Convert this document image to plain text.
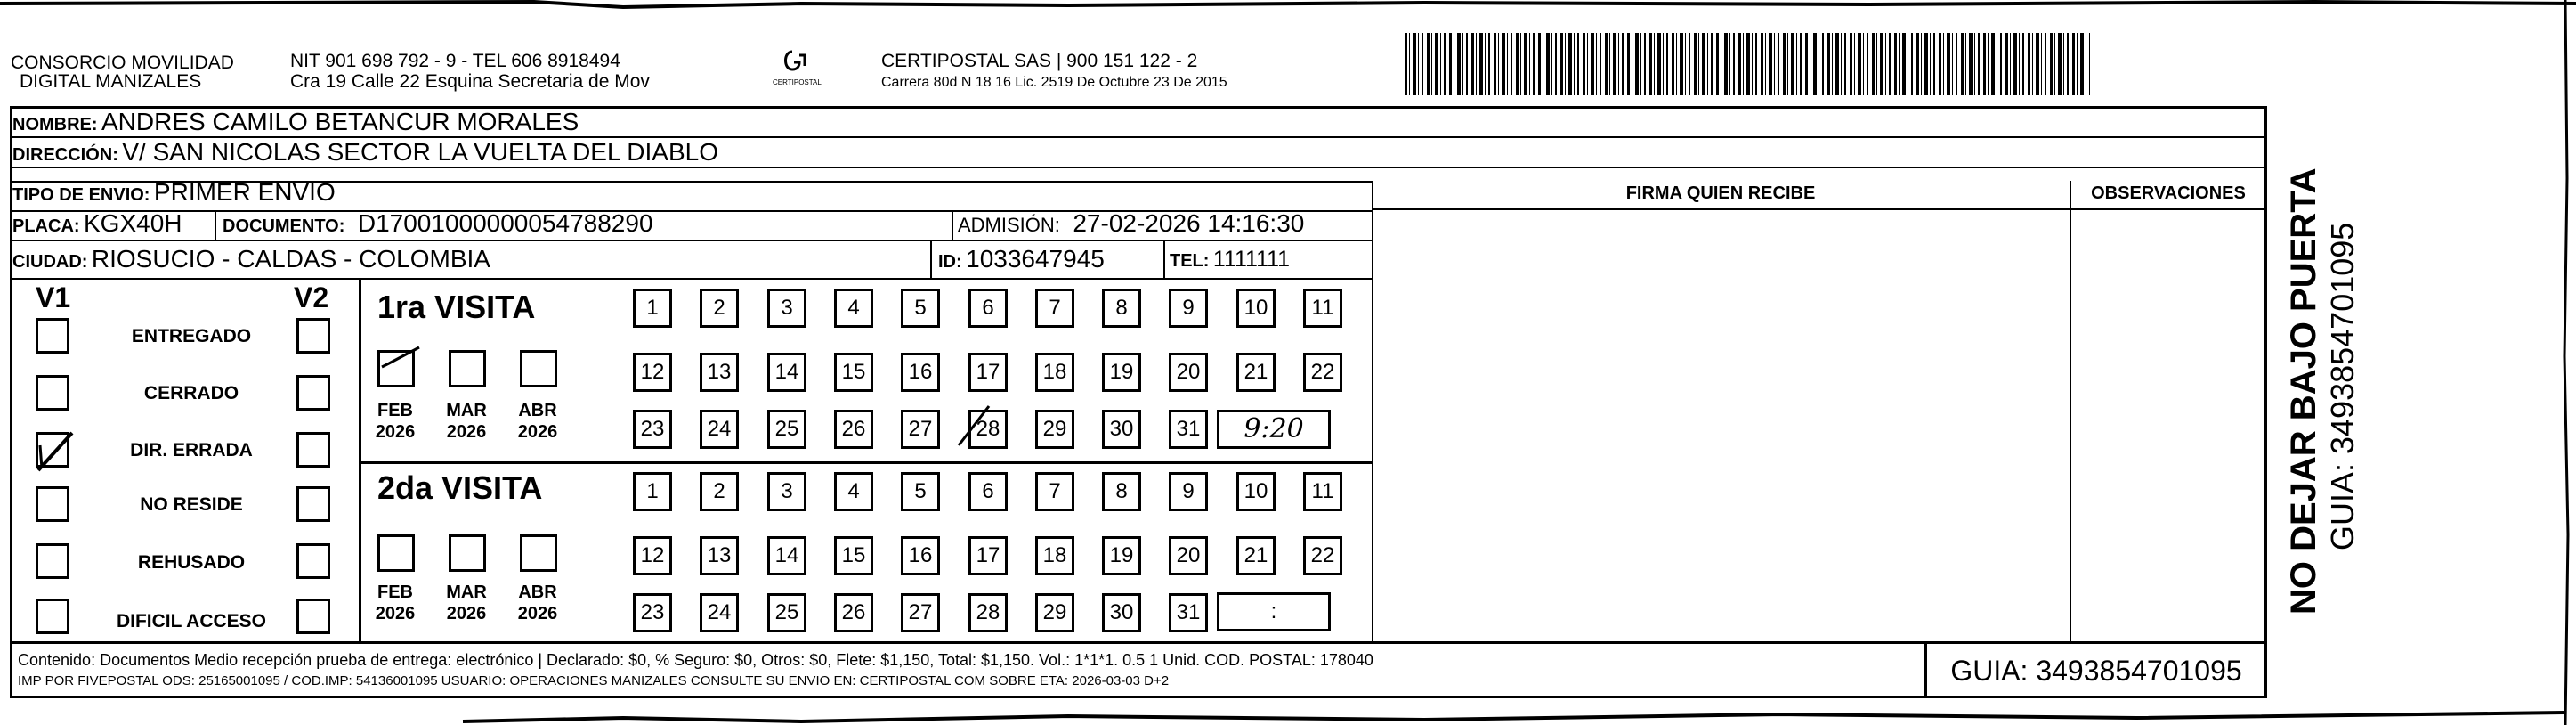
CONSORCIO MOVILIDAD
DIGITAL MANIZALES
NIT 901 698 792 - 9 - TEL 606 8918494
Cra 19 Calle 22 Esquina Secretaria de Mov	CERTIPOSTAL
CERTIPOSTAL SAS | 900 151 122 - 2
Carrera 80d N 18 16 Lic. 2519 De Octubre 23 De 2015
NOMBRE: ANDRES CAMILO BETANCUR MORALES
DIRECCIÓN: V/ SAN NICOLAS SECTOR LA VUELTA DEL DIABLO
TIPO DE ENVIO: PRIMER ENVIO
PLACA: KGX40H DOCUMENTO: D17001000000054788290	ADMISIÓN: 27-02-2026 14:16:30
CIUDAD: RIOSUCIO - CALDAS - COLOMBIA	ID: 1033647945	TEL: 1111111
FIRMA QUIEN RECIBE	OBSERVACIONES
V1	V2
ENTREGADO
CERRADO
DIR. ERRADA
NO RESIDE
REHUSADO
DIFICIL ACCESO
1ra VISITA
FEB
2026
MAR
2026
ABR
2026
1	2	3	4	5	6	7	8	9	10	11
12	13	14	15	16	17	18	19	20	21	22
23	24	25	26	27	28	29	30	31	9:20
2da VISITA
FEB
2026
MAR
2026
ABR
2026
1	2	3	4	5	6	7	8	9	10	11
12	13	14	15	16	17	18	19	20	21	22
23	24	25	26	27	28	29	30	31	:
Contenido: Documentos Medio recepción prueba de entrega: electrónico | Declarado: $0, % Seguro: $0, Otros: $0, Flete: $1,150, Total: $1,150. Vol.: 1*1*1. 0.5 1 Unid. COD. POSTAL: 178040
IMP POR FIVEPOSTAL ODS: 25165001095 / COD.IMP: 54136001095 USUARIO: OPERACIONES MANIZALES CONSULTE SU ENVIO EN: CERTIPOSTAL COM SOBRE ETA: 2026-03-03 D+2	GUIA: 3493854701095
NO DEJAR BAJO PUERTA GUIA: 3493854701095
